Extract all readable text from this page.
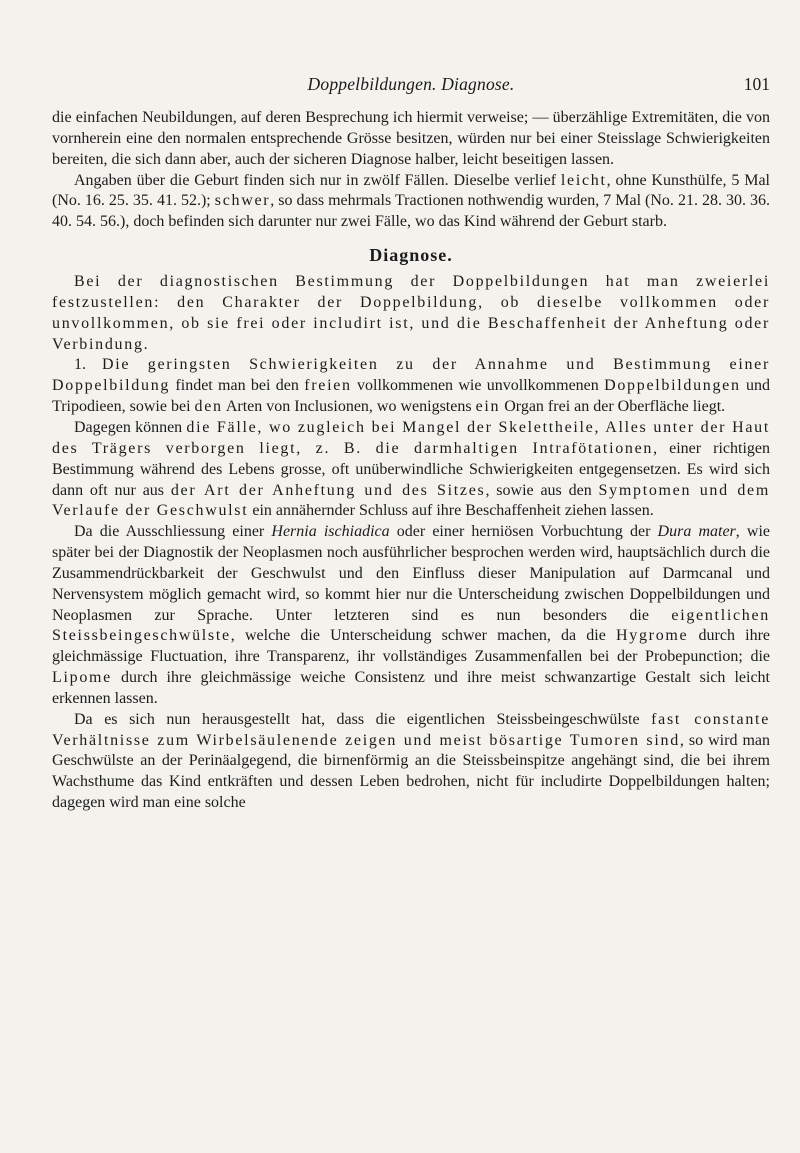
Doppelbildungen. Diagnose.	101

die einfachen Neubildungen, auf deren Besprechung ich hiermit verweise; — überzählige Extremitäten, die von vornherein eine den normalen entsprechende Grösse besitzen, würden nur bei einer Steisslage Schwierigkeiten bereiten, die sich dann aber, auch der sicheren Diagnose halber, leicht beseitigen lassen.

Angaben über die Geburt finden sich nur in zwölf Fällen. Dieselbe verlief leicht, ohne Kunsthülfe, 5 Mal (No. 16. 25. 35. 41. 52.); schwer, so dass mehrmals Tractionen nothwendig wurden, 7 Mal (No. 21. 28. 30. 36. 40. 54. 56.), doch befinden sich darunter nur zwei Fälle, wo das Kind während der Geburt starb.

Diagnose.

Bei der diagnostischen Bestimmung der Doppelbildungen hat man zweierlei festzustellen: den Charakter der Doppelbildung, ob dieselbe vollkommen oder unvollkommen, ob sie frei oder includirt ist, und die Beschaffenheit der Anheftung oder Verbindung.

1. Die geringsten Schwierigkeiten zu der Annahme und Bestimmung einer Doppelbildung findet man bei den freien vollkommenen wie unvollkommenen Doppelbildungen und Tripodieen, sowie bei den Arten von Inclusionen, wo wenigstens ein Organ frei an der Oberfläche liegt.

Dagegen können die Fälle, wo zugleich bei Mangel der Skelettheile, Alles unter der Haut des Trägers verborgen liegt, z. B. die darmhaltigen Intrafötationen, einer richtigen Bestimmung während des Lebens grosse, oft unüberwindliche Schwierigkeiten entgegensetzen. Es wird sich dann oft nur aus der Art der Anheftung und des Sitzes, sowie aus den Symptomen und dem Verlaufe der Geschwulst ein annähernder Schluss auf ihre Beschaffenheit ziehen lassen.

Da die Ausschliessung einer Hernia ischiadica oder einer herniösen Vorbuchtung der Dura mater, wie später bei der Diagnostik der Neoplasmen noch ausführlicher besprochen werden wird, hauptsächlich durch die Zusammendrückbarkeit der Geschwulst und den Einfluss dieser Manipulation auf Darmcanal und Nervensystem möglich gemacht wird, so kommt hier nur die Unterscheidung zwischen Doppelbildungen und Neoplasmen zur Sprache. Unter letzteren sind es nun besonders die eigentlichen Steissbeingeschwülste, welche die Unterscheidung schwer machen, da die Hygrome durch ihre gleichmässige Fluctuation, ihre Transparenz, ihr vollständiges Zusammenfallen bei der Probepunction; die Lipome durch ihre gleichmässige weiche Consistenz und ihre meist schwanzartige Gestalt sich leicht erkennen lassen.

Da es sich nun herausgestellt hat, dass die eigentlichen Steissbeingeschwülste fast constante Verhältnisse zum Wirbelsäulenende zeigen und meist bösartige Tumoren sind, so wird man Geschwülste an der Perinäalgegend, die birnenförmig an die Steissbeinspitze angehängt sind, die bei ihrem Wachsthume das Kind entkräften und dessen Leben bedrohen, nicht für includirte Doppelbildungen halten; dagegen wird man eine solche
